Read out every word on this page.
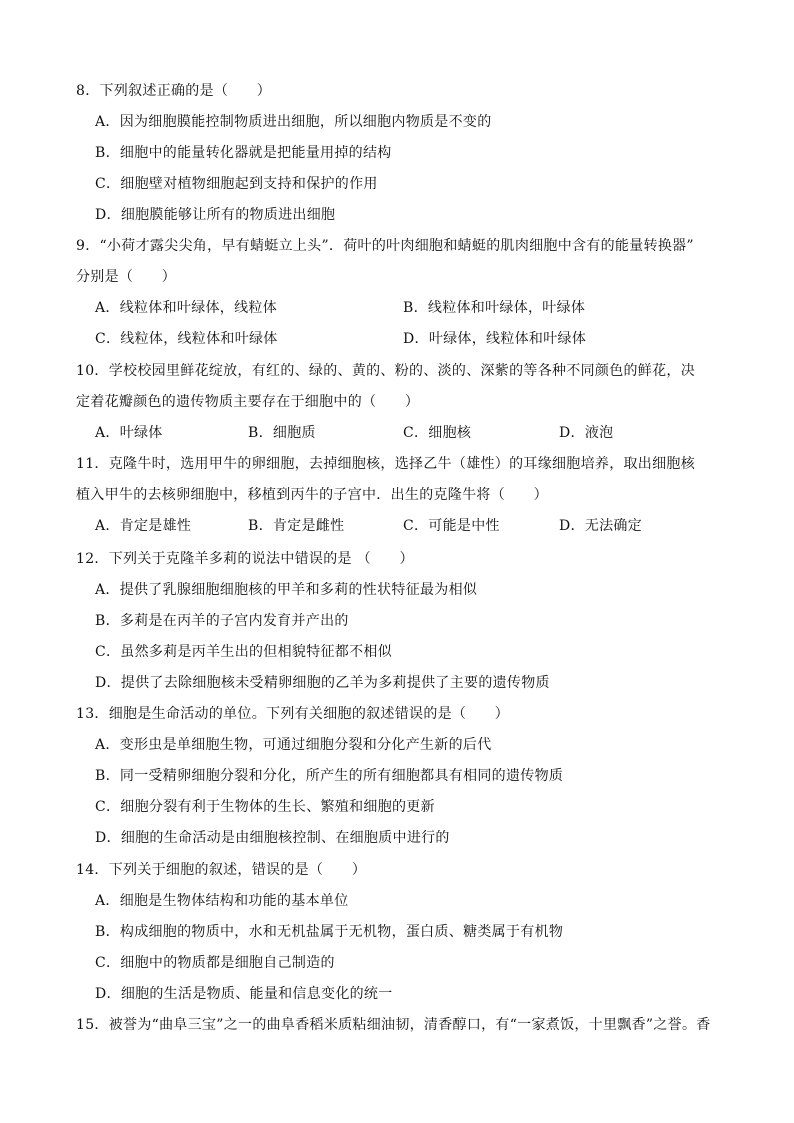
8．下列叙述正确的是（　　）
A．因为细胞膜能控制物质进出细胞，所以细胞内物质是不变的
B．细胞中的能量转化器就是把能量用掉的结构
C．细胞壁对植物细胞起到支持和保护的作用
D．细胞膜能够让所有的物质进出细胞
9．“小荷才露尖尖角，早有蜻蜓立上头”．荷叶的叶肉细胞和蜻蜓的肌肉细胞中含有的能量转换器”
分别是（　　）
A．线粒体和叶绿体，线粒体	B．线粒体和叶绿体，叶绿体
C．线粒体，线粒体和叶绿体	D．叶绿体，线粒体和叶绿体
10．学校校园里鲜花绽放，有红的、绿的、黄的、粉的、淡的、深紫的等各种不同颜色的鲜花，决
定着花瓣颜色的遗传物质主要存在于细胞中的（　　）
A．叶绿体	B．细胞质	C．细胞核	D．液泡
11．克隆牛时，选用甲牛的卵细胞，去掉细胞核，选择乙牛（雄性）的耳缘细胞培养，取出细胞核
植入甲牛的去核卵细胞中，移植到丙牛的子宫中．出生的克隆牛将（　　）
A．肯定是雄性	B．肯定是雌性	C．可能是中性	D．无法确定
12．下列关于克隆羊多莉的说法中错误的是 （　　）
A．提供了乳腺细胞细胞核的甲羊和多莉的性状特征最为相似
B．多莉是在丙羊的子宫内发育并产出的
C．虽然多莉是丙羊生出的但相貌特征都不相似
D．提供了去除细胞核未受精卵细胞的乙羊为多莉提供了主要的遗传物质
13．细胞是生命活动的单位。下列有关细胞的叙述错误的是（　　）
A．变形虫是单细胞生物，可通过细胞分裂和分化产生新的后代
B．同一受精卵细胞分裂和分化，所产生的所有细胞都具有相同的遗传物质
C．细胞分裂有利于生物体的生长、繁殖和细胞的更新
D．细胞的生命活动是由细胞核控制、在细胞质中进行的
14．下列关于细胞的叙述，错误的是（　　）
A．细胞是生物体结构和功能的基本单位
B．构成细胞的物质中，水和无机盐属于无机物，蛋白质、糖类属于有机物
C．细胞中的物质都是细胞自己制造的
D．细胞的生活是物质、能量和信息变化的统一
15．被誉为“曲阜三宝”之一的曲阜香稻米质粘细油韧，清香醇口，有“一家煮饭，十里飘香”之誉。香
